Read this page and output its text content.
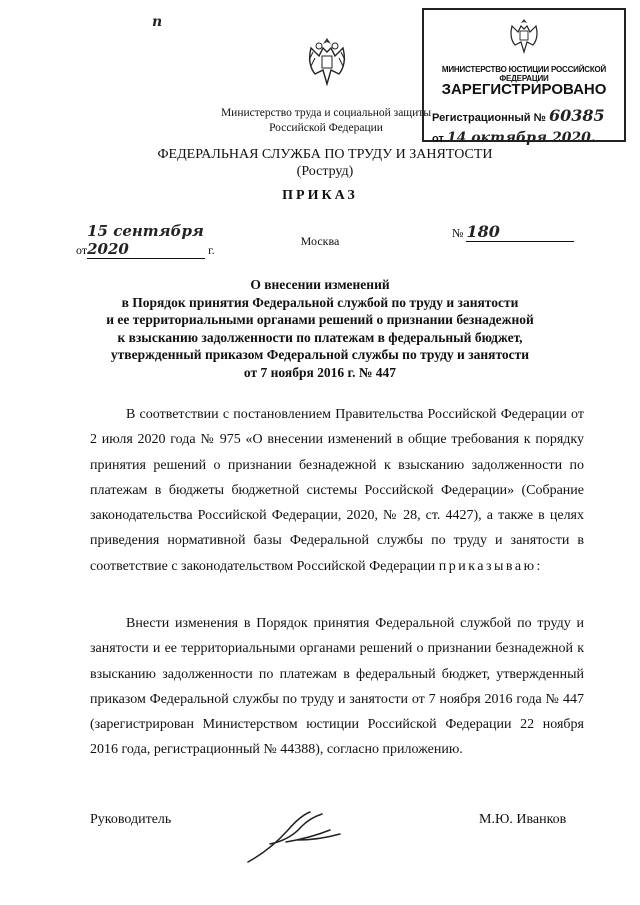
п
Министерство труда и социальной защиты
Российской Федерации
МИНИСТЕРСТВО ЮСТИЦИИ РОССИЙСКОЙ ФЕДЕРАЦИИ
ЗАРЕГИСТРИРОВАНО
Регистрационный № 60385
от 14 октября 2020.
ФЕДЕРАЛЬНАЯ СЛУЖБА ПО ТРУДУ И ЗАНЯТОСТИ
(Роструд)
ПРИКАЗ
от15 сентября 2020	г.
№ 180
Москва
О внесении изменений
в Порядок принятия Федеральной службой по труду и занятости
и ее территориальными органами решений о признании безнадежной
к взысканию задолженности по платежам в федеральный бюджет,
утвержденный приказом Федеральной службы по труду и занятости
от 7 ноября 2016 г. № 447
В соответствии с постановлением Правительства Российской Федерации от 2 июля 2020 года № 975 «О внесении изменений в общие требования к порядку принятия решений о признании безнадежной к взысканию задолженности по платежам в бюджеты бюджетной системы Российской Федерации» (Собрание законодательства Российской Федерации, 2020, № 28, ст. 4427), а также в целях приведения нормативной базы Федеральной службы по труду и занятости в соответствие с законодательством Российской Федерации приказываю:
Внести изменения в Порядок принятия Федеральной службой по труду и занятости и ее территориальными органами решений о признании безнадежной к взысканию задолженности по платежам в федеральный бюджет, утвержденный приказом Федеральной службы по труду и занятости от 7 ноября 2016 года № 447 (зарегистрирован Министерством юстиции Российской Федерации 22 ноября 2016 года, регистрационный № 44388), согласно приложению.
Руководитель	М.Ю. Иванков
